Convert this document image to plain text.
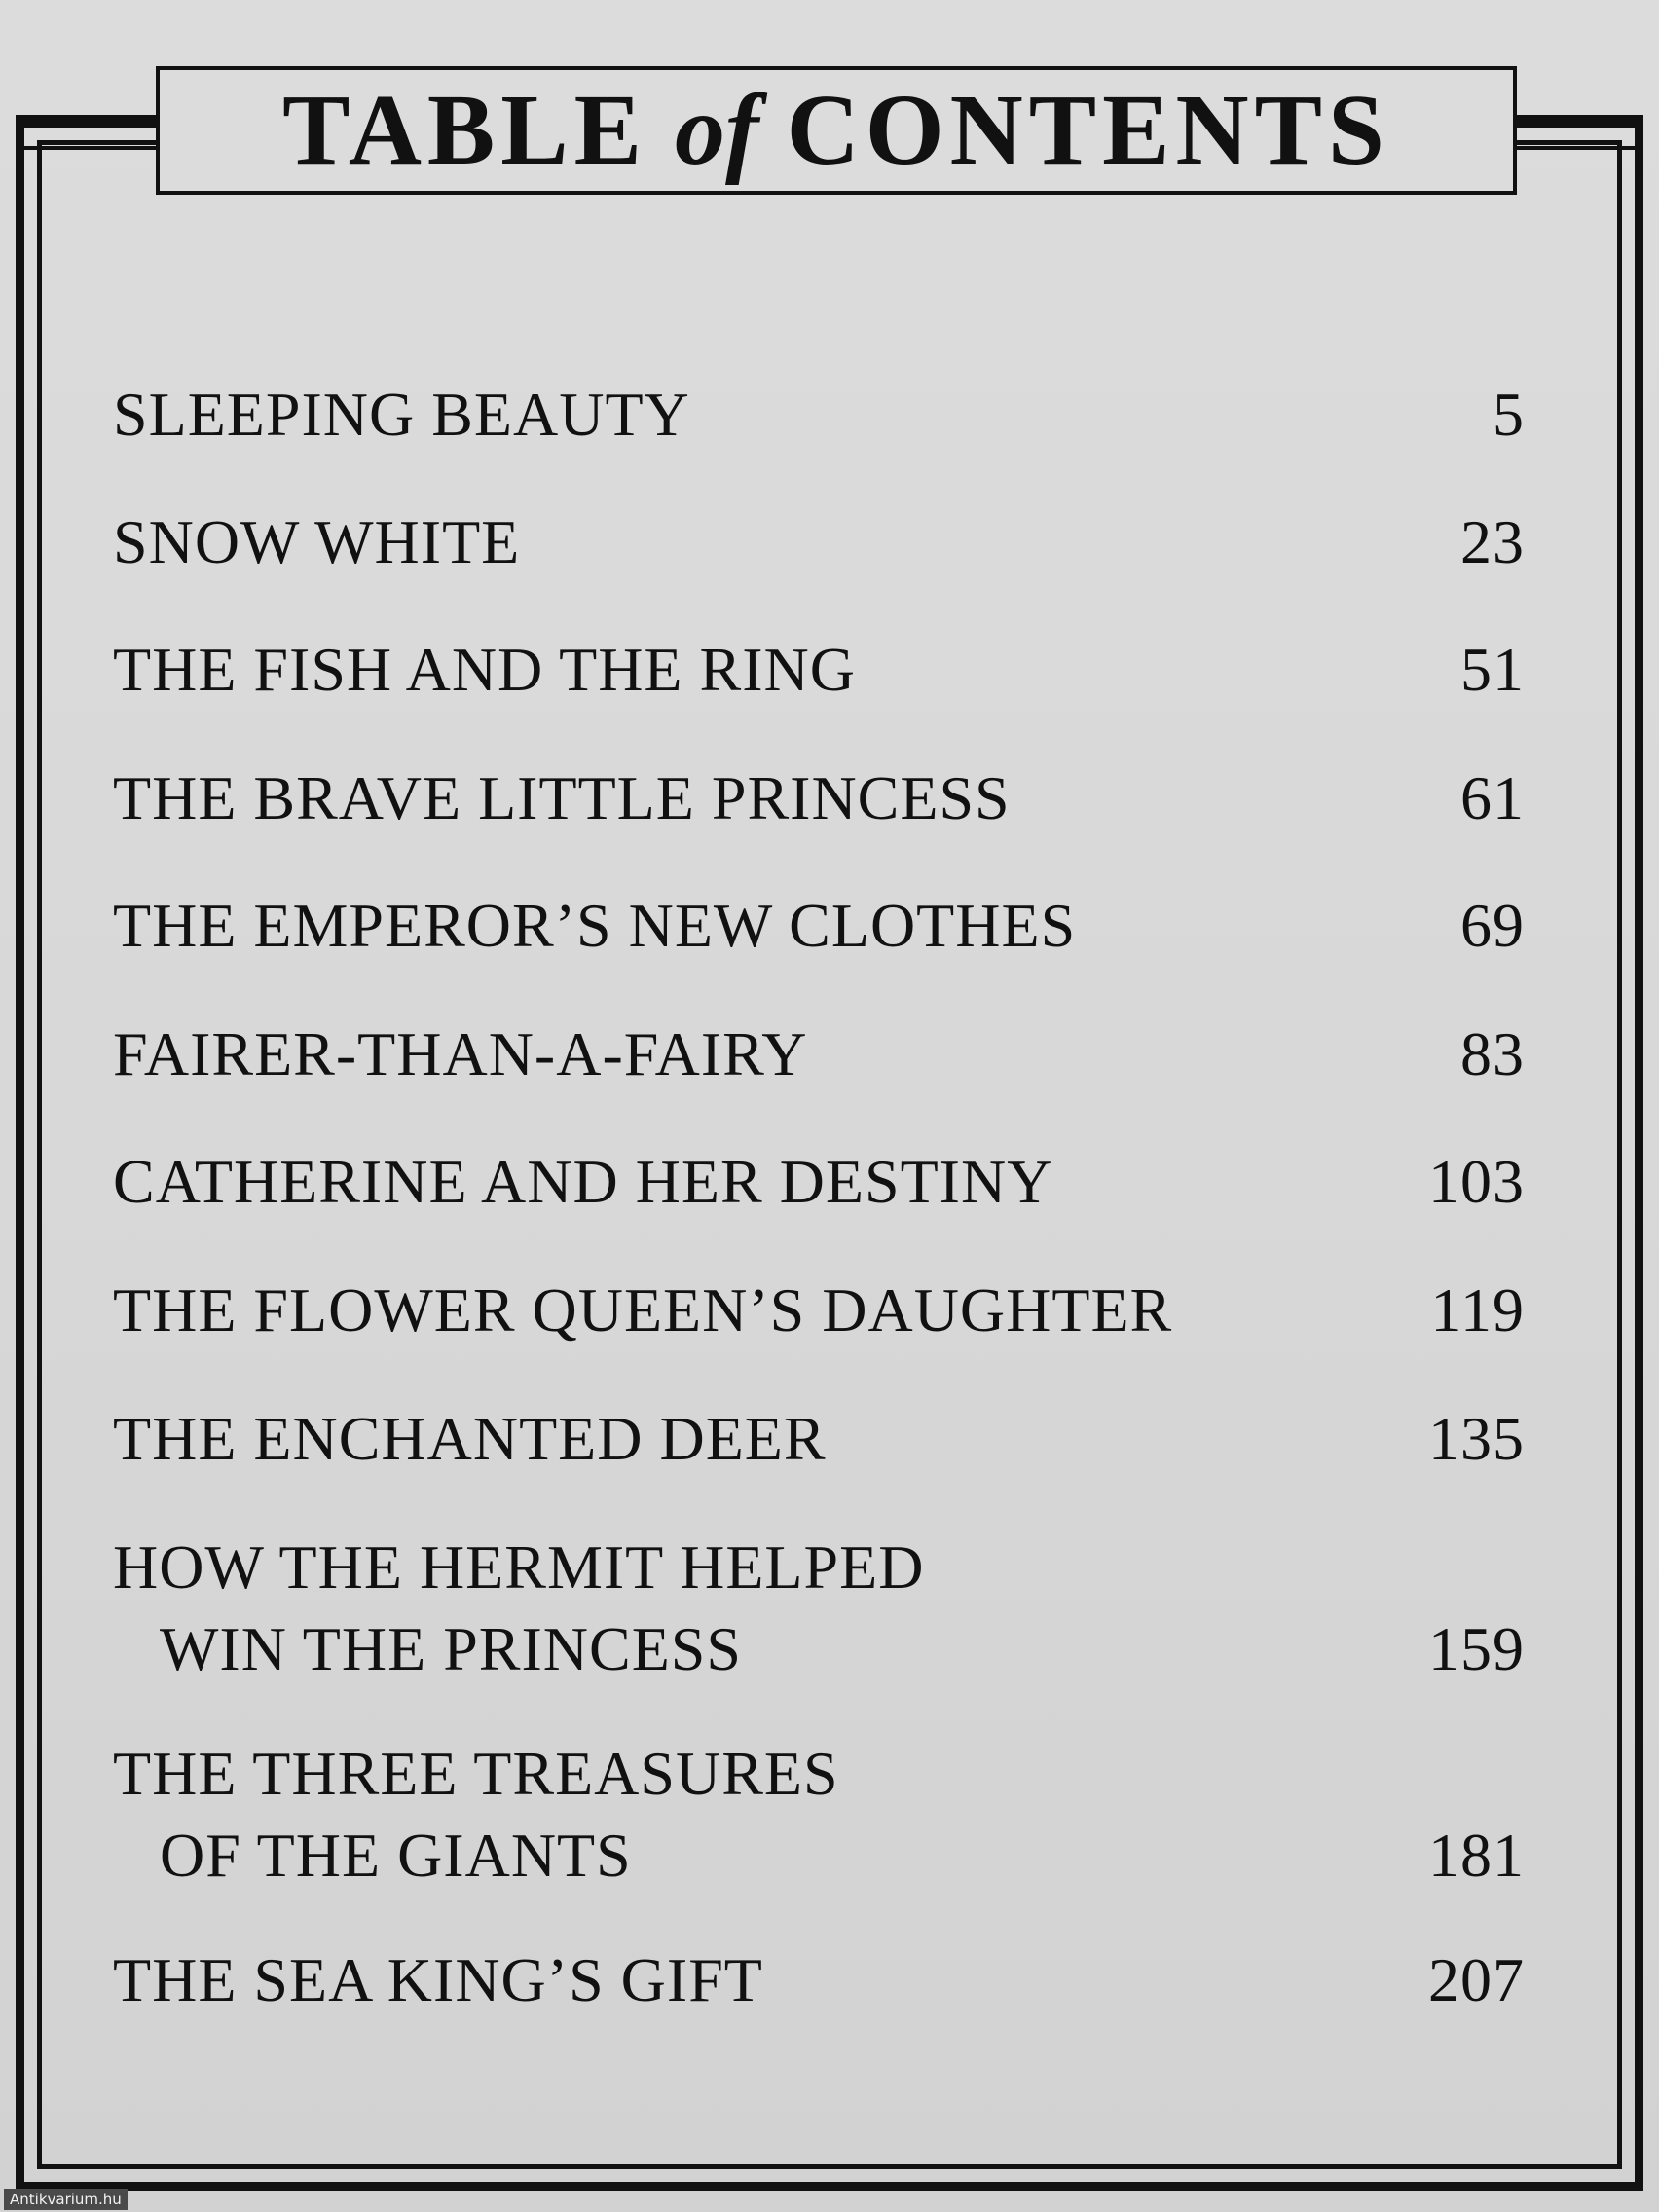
TABLE of CONTENTS
SLEEPING BEAUTY	5
SNOW WHITE	23
THE FISH AND THE RING	51
THE BRAVE LITTLE PRINCESS	61
THE EMPEROR’S NEW CLOTHES	69
FAIRER-THAN-A-FAIRY	83
CATHERINE AND HER DESTINY	103
THE FLOWER QUEEN’S DAUGHTER	119
THE ENCHANTED DEER	135
HOW THE HERMIT HELPED
WIN THE PRINCESS	159
THE THREE TREASURES
OF THE GIANTS	181
THE SEA KING’S GIFT	207
Antikvarium.hu
